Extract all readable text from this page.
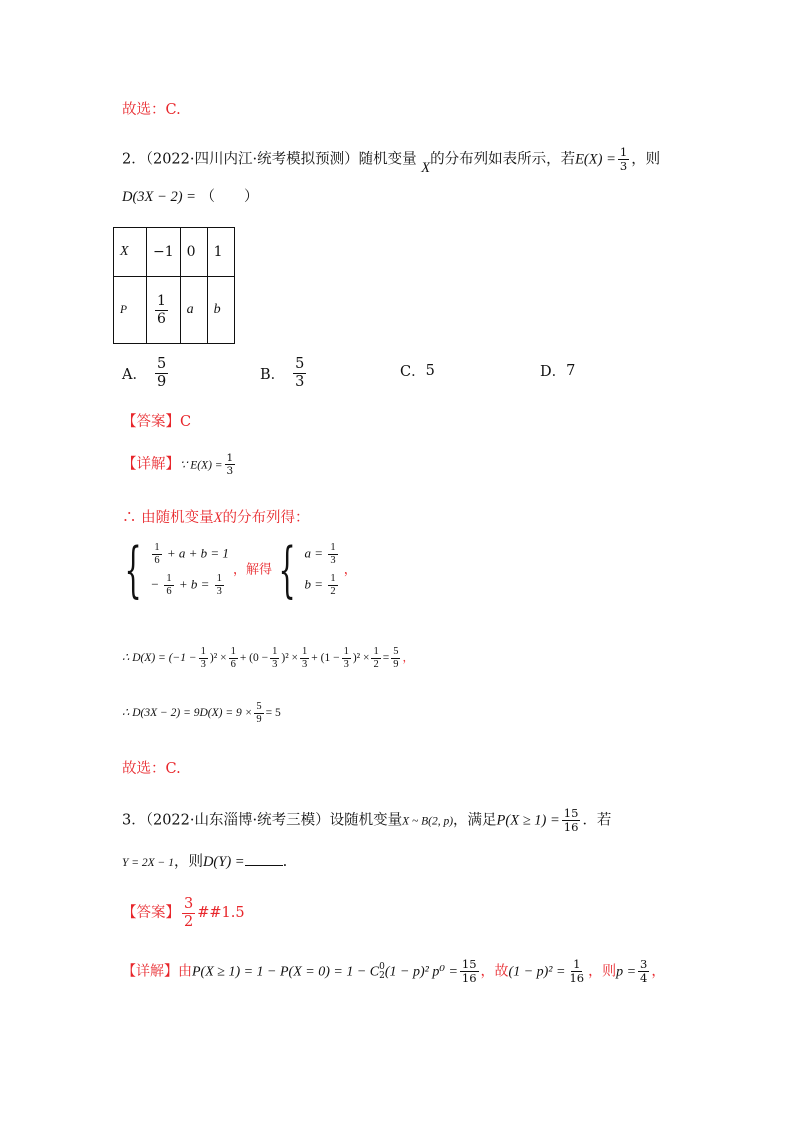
故选：C.
2．（2022·四川内江·统考模拟预测）随机变量 X的分布列如表所示，若$E(X) = \frac{1}{3}$ ，则
D(3X − 2) = （　　）
X	−1	0	1
P	$\frac{1}{6}$	a	b
A． $\frac{5}{9}$	B． $\frac{5}{3}$	C． 5	D． 7
【答案】C
【详解】∵ $E(X) = \frac{1}{3}$
∴ 由随机变量X的分布列得：
{ $\frac{1}{6} + a + b = 1$
− $\frac{1}{6} + b = \frac{1}{3}$
，解得 { $a = \frac{1}{3}$
$b = \frac{1}{2}$
，
∴ $D(X) = (-1 - \frac{1}{3} )^2 \times \frac{1}{6} + (0 - \frac{1}{3} )^2 \times \frac{1}{3} + (1 - \frac{1}{3} )^2 \times \frac{1}{2} = \frac{5}{9}$ ，
∴ $D(3X - 2) = 9D(X) = 9 \times \frac{5}{9} = 5$
故选：C.
3．（2022·山东淄博·统考三模）设随机变量X ~ B(2, p)，满足$P(X \ge 1) = \frac{15}{16}$ ．若
Y = 2X − 1，则D(Y) =	.
【答案】 $\frac{3}{2}$ ##1.5
【详解】由P(X ≥ 1) = 1 − P(X = 0) = 1 − C 0
2 (1 − p)² $p^0 = \frac{15}{16}$ ，故$(1 - p)^2 = \frac{1}{16}$ ，则$p = \frac{3}{4}$ ，
